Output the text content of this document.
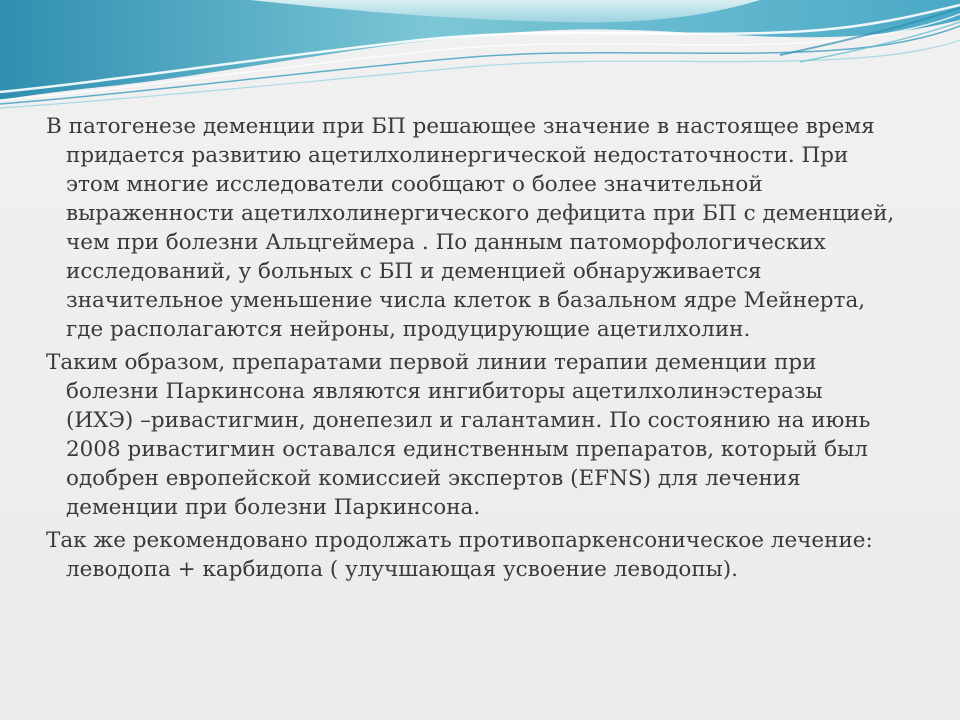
В патогенезе деменции при БП решающее значение в настоящее время придается развитию ацетилхолинергической недостаточности. При этом многие исследователи сообщают о более значительной выраженности ацетилхолинергического дефицита при БП с деменцией, чем при болезни Альцгеймера . По данным патоморфологических исследований, у больных с БП и деменцией обнаруживается значительное уменьшение числа клеток в базальном ядре Мейнерта, где располагаются нейроны, продуцирующие ацетилхолин.

Таким образом, препаратами первой линии терапии деменции при болезни Паркинсона являются ингибиторы ацетилхолинэстеразы (ИХЭ) –ривастигмин, донепезил и галантамин. По состоянию на июнь 2008 ривастигмин оставался единственным препаратов, который был одобрен европейской комиссией экспертов (EFNS) для лечения деменции при болезни Паркинсона.

Так же рекомендовано продолжать противопаркенсоническое лечение: леводопа + карбидопа ( улучшающая усвоение леводопы).
